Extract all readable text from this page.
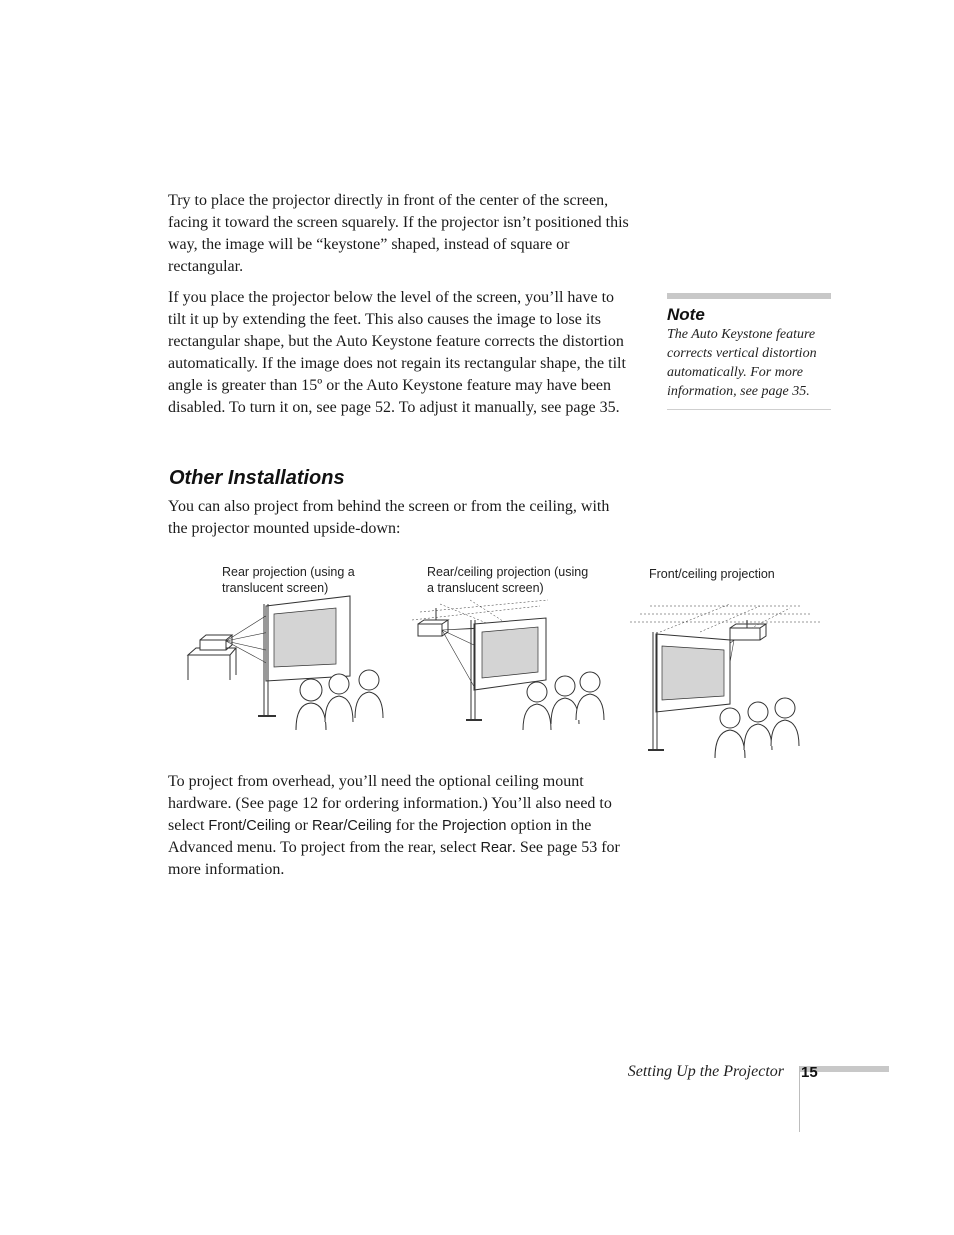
Try to place the projector directly in front of the center of the screen, facing it toward the screen squarely. If the projector isn’t positioned this way, the image will be “keystone” shaped, instead of square or rectangular.
If you place the projector below the level of the screen, you’ll have to tilt it up by extending the feet. This also causes the image to lose its rectangular shape, but the Auto Keystone feature corrects the distortion automatically. If the image does not regain its rectangular shape, the tilt angle is greater than 15º or the Auto Keystone feature may have been disabled. To turn it on, see page 52. To adjust it manually, see page 35.
Note
The Auto Keystone feature corrects vertical distortion automatically. For more information, see page 35.
Other Installations
You can also project from behind the screen or from the ceiling, with the projector mounted upside-down:
Rear projection (using a translucent screen)
Rear/ceiling projection (using a translucent screen)
Front/ceiling projection
To project from overhead, you’ll need the optional ceiling mount hardware. (See page 12 for ordering information.) You’ll also need to select Front/Ceiling or Rear/Ceiling for the Projection option in the Advanced menu. To project from the rear, select Rear. See page 53 for more information.
Setting Up the Projector 15
